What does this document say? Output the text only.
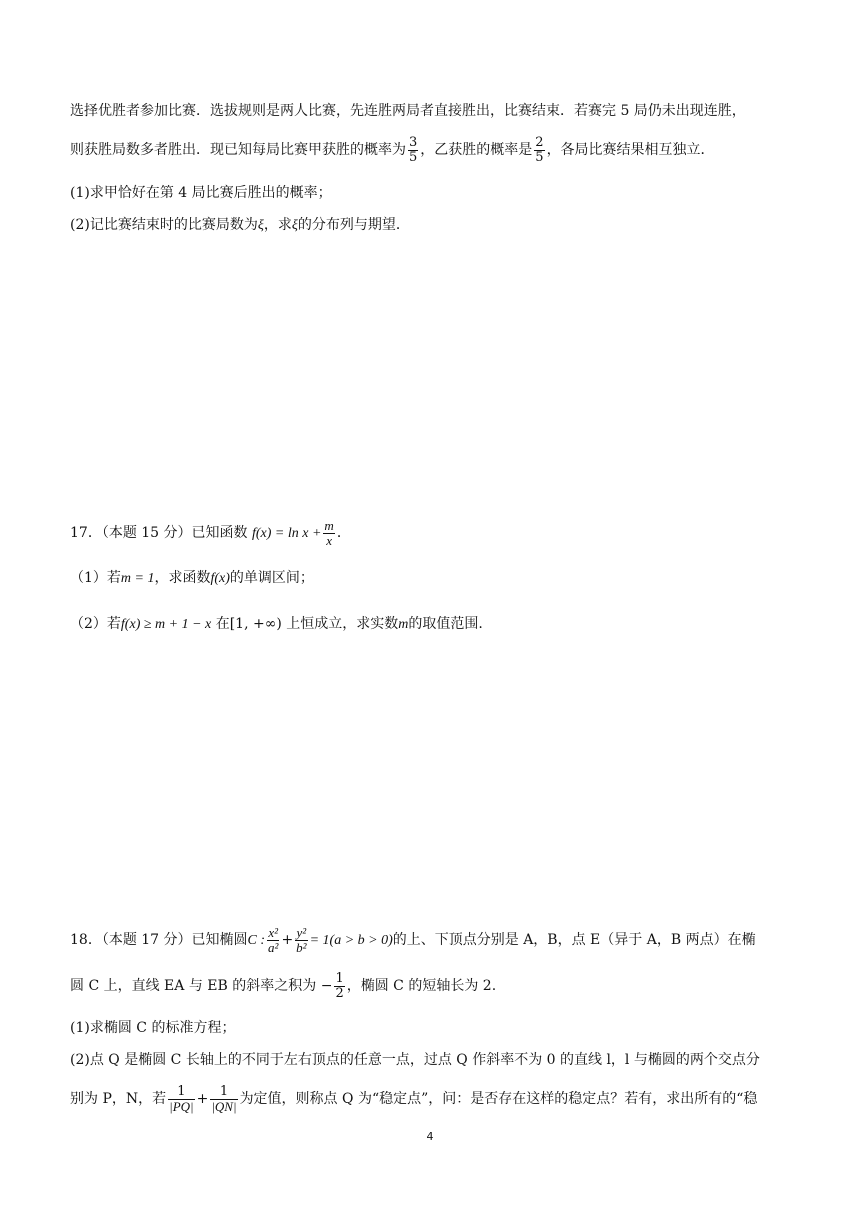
选择优胜者参加比赛．选拔规则是两人比赛，先连胜两局者直接胜出，比赛结束．若赛完 5 局仍未出现连胜，
则获胜局数多者胜出．现已知每局比赛甲获胜的概率为 $\frac{3}{5}$ ，乙获胜的概率是 $\frac{2}{5}$ ，各局比赛结果相互独立．
(1)求甲恰好在第 4 局比赛后胜出的概率；
(2)记比赛结束时的比赛局数为ξ，求ξ的分布列与期望．
17．（本题 15 分）已知函数 $f(x) = \ln x + \frac{m}{x}$ ．
（1）若m = 1，求函数f(x)的单调区间；
（2）若f(x) ≥ m + 1 − x 在[1, +∞) 上恒成立，求实数m的取值范围.
18．（本题 17 分）已知椭圆C : $\frac{\text{x²}}{\text{a²}} + \frac{\text{y²}}{\text{b²}} = 1(a > b > 0)$的上、下顶点分别是 A，B，点 E（异于 A，B 两点）在椭
圆 C 上，直线 EA 与 EB 的斜率之积为 − $\frac{1}{2}$ ，椭圆 C 的短轴长为 2.
(1)求椭圆 C 的标准方程；
(2)点 Q 是椭圆 C 长轴上的不同于左右顶点的任意一点，过点 Q 作斜率不为 0 的直线 l，l 与椭圆的两个交点分
别为 P，N，若 $\frac{1}{|PQ|} + \frac{1}{|QN|}$ 为定值，则称点 Q 为“稳定点”，问：是否存在这样的稳定点？若有，求出所有的“稳
4
